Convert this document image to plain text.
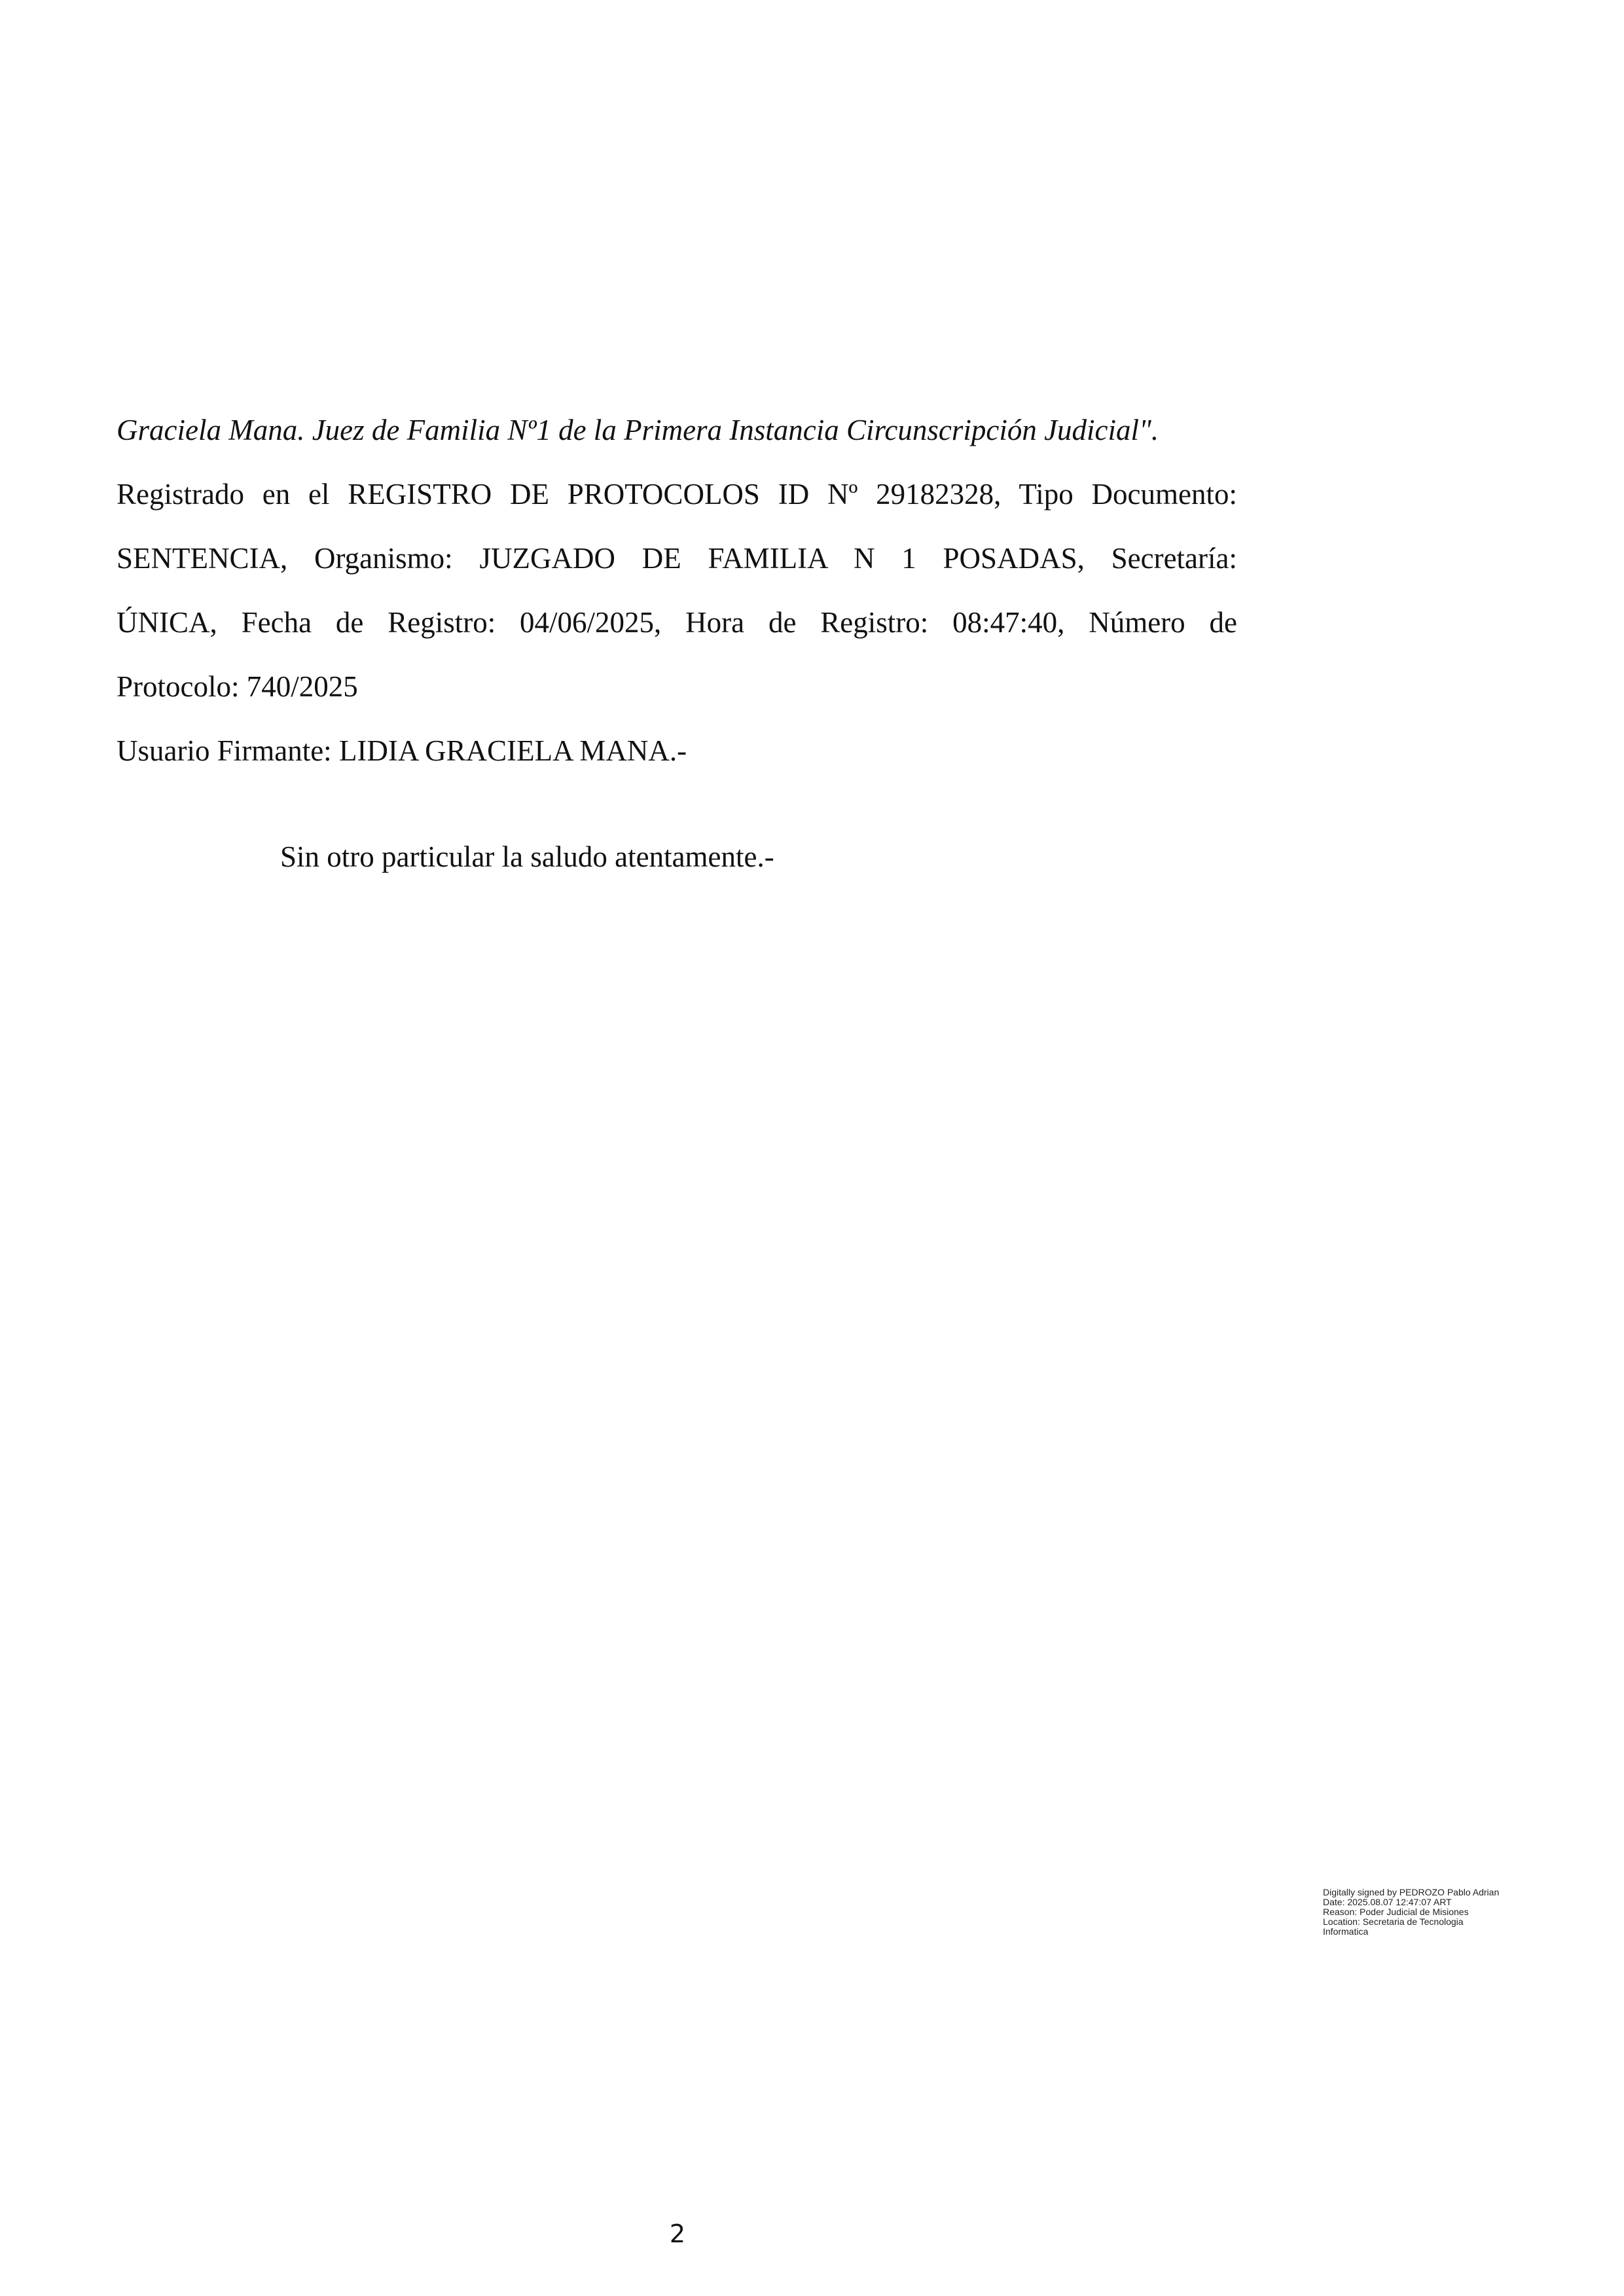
Graciela Mana. Juez de Familia Nº1 de la Primera Instancia Circunscripción Judicial".
Registrado en el REGISTRO DE PROTOCOLOS ID Nº 29182328, Tipo Documento:
SENTENCIA, Organismo: JUZGADO DE FAMILIA N 1 POSADAS, Secretaría:
ÚNICA, Fecha de Registro: 04/06/2025, Hora de Registro: 08:47:40, Número de
Protocolo: 740/2025
Usuario Firmante: LIDIA GRACIELA MANA.-
Sin otro particular la saludo atentamente.-
Digitally signed by PEDROZO Pablo Adrian
Date: 2025.08.07 12:47:07 ART
Reason: Poder Judicial de Misiones
Location: Secretaria de Tecnologia
Informatica
2
